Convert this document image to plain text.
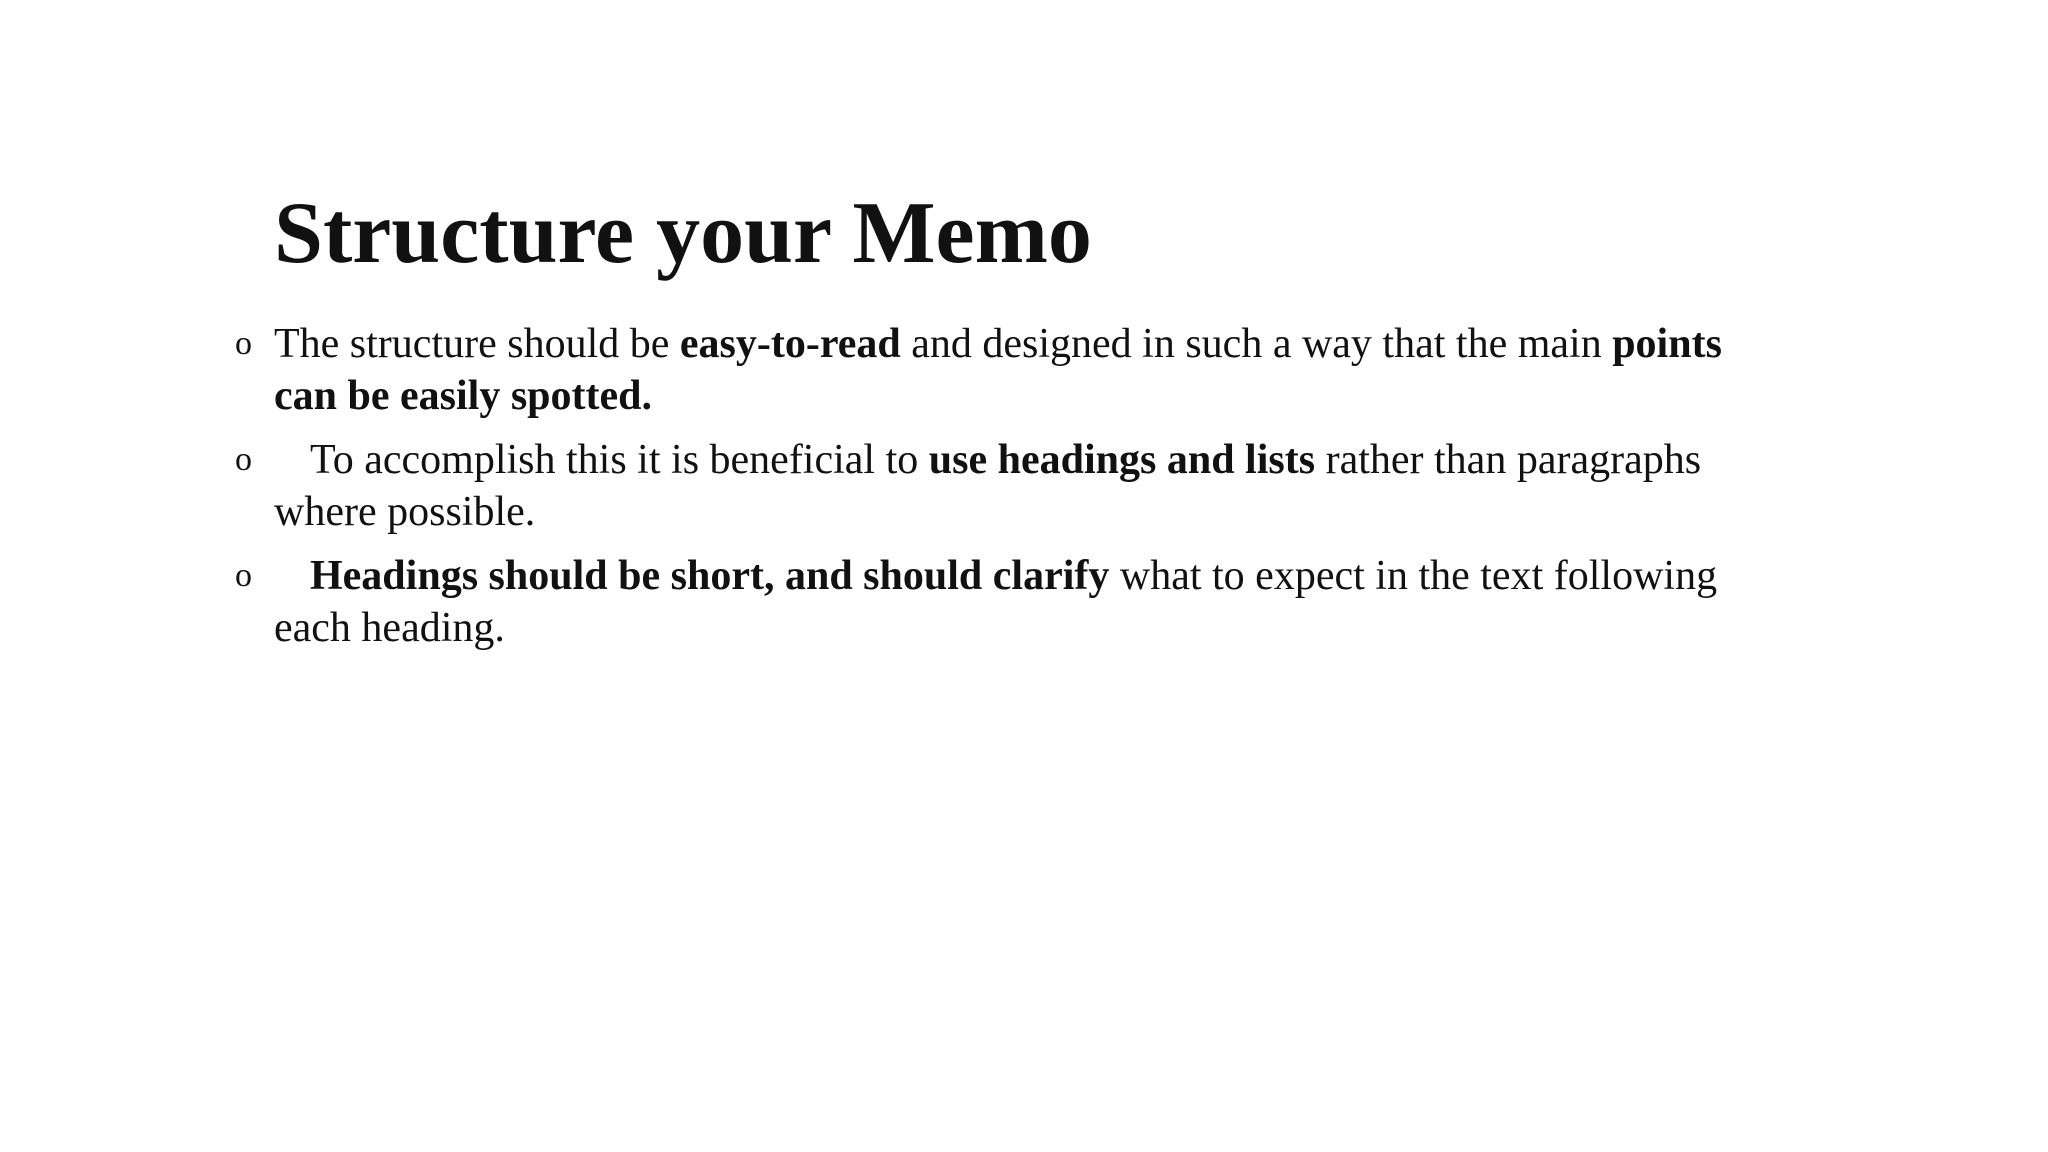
Structure your Memo
o The structure should be easy-to-read and designed in such a way that the main points can be easily spotted.
o	To accomplish this it is beneficial to use headings and lists rather than paragraphs where possible.
o	Headings should be short, and should clarify what to expect in the text following each heading.
